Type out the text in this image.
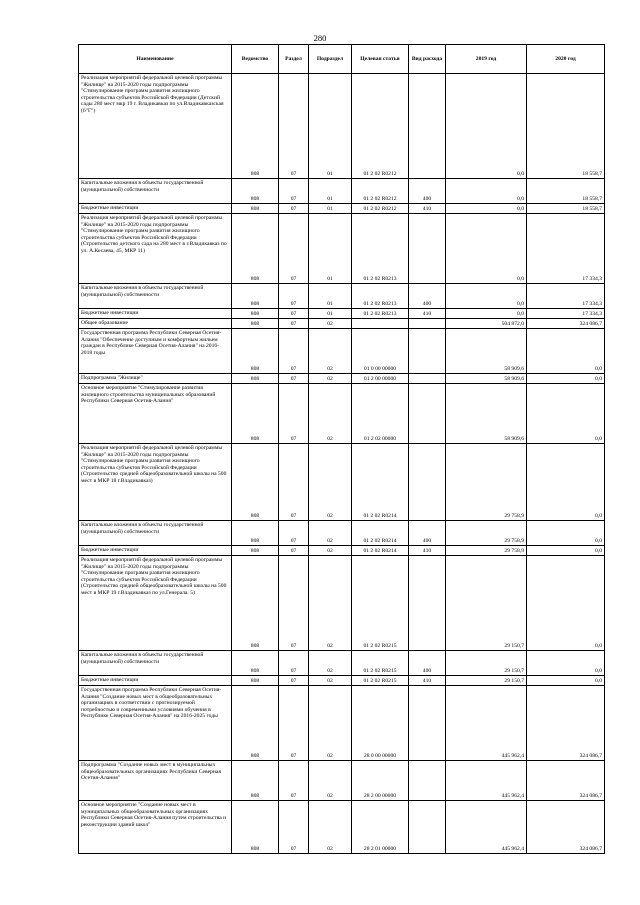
280
Наименование	Ведомство	Раздел	Подраздел	Целевая статья	Вид расхода	2019 год	2020 год
Реализация мероприятий федеральной целевой программы "Жилище" на 2015-2020 годы подпрограммы "Стимулирование программ развития жилищного строительства субъектов Российской Федерации (Детский сады 280 мест мкр 19 г. Владикавказ по ул.Владикавказская (6"Г")	808	07	01	01 2 02 R0212		0,0	18 558,7
Капитальные вложения в объекты государственной (муниципальной) собственности	808	07	01	01 2 02 R0212	400	0,0	18 558,7
Бюджетные инвестиции	808	07	01	01 2 02 R0212	410	0,0	18 558,7
Реализация мероприятий федеральной целевой программы "Жилище" на 2015-2020 годы подпрограммы "Стимулирование программ развития жилищного строительства субъектов Российской Федерации (Строительство детского сада на 280 мест в г.Владикавказ по ул. А.Кесаева, 45, МКР 11)	808	07	01	01 2 02 R0213		0,0	17 334,3
Капитальные вложения в объекты государственной (муниципальной) собственности	808	07	01	01 2 02 R0213	400	0,0	17 334,3
Бюджетные инвестиции	808	07	01	01 2 02 R0213	410	0,0	17 334,3
Общее образование	808	07	02			504 872,0	324 086,7
Государственная программа Республики Северная Осетия-Алания "Обеспечение доступным и комфортным жильем граждан в Республике Северная Осетия-Алания" на 2016-2018 годы	808	07	02	01 0 00 00000		58 909,6	0,0
Подпрограмма "Жилище"	808	07	02	01 2 00 00000		58 909,6	0,0
Основное мероприятие "Стимулирование развития жилищного строительства муниципальных образований Республики Северная Осетия-Алания"	808	07	02	01 2 02 00000		58 909,6	0,0
Реализация мероприятий федеральной целевой программы "Жилище" на 2015-2020 годы подпрограммы "Стимулирование программ развития жилищного строительства субъектов Российской Федерации (Строительство средней общеобразовательной школы на 500 мест в МКР 18 г.Владикавказ)	808	07	02	01 2 02 R0214		29 758,9	0,0
Капитальные вложения в объекты государственной (муниципальной) собственности	808	07	02	01 2 02 R0214	400	29 758,9	0,0
Бюджетные инвестиции	808	07	02	01 2 02 R0214	410	29 758,9	0,0
Реализация мероприятий федеральной целевой программы "Жилище" на 2015-2020 годы подпрограммы "Стимулирование программ развития жилищного строительства субъектов Российской Федерации (Строительство средней общеобразовательной школы на 500 мест в МКР 19 г.Владикавказ по ул.Генерала. 5)	808	07	02	01 2 02 R0215		29 150,7	0,0
Капитальные вложения в объекты государственной (муниципальной) собственности	808	07	02	01 2 02 R0215	400	29 150,7	0,0
Бюджетные инвестиции	808	07	02	01 2 02 R0215	410	29 150,7	0,0
Государственная программа Республики Северная Осетия-Алания "Создание новых мест в общеобразовательных организациях в соответствии с прогнозируемой потребностью и современными условиями обучения в Республике Северная Осетия-Алания" на 2016-2025 годы	808	07	02	28 0 00 00000		445 962,4	324 086,7
Подпрограмма "Создание новых мест в муниципальных общеобразовательных организациях Республики Северная Осетия-Алания"	808	07	02	28 2 00 00000		445 962,4	324 086,7
Основное мероприятие "Создание новых мест в муниципальных общеобразовательных организациях Республики Северная Осетия-Алания путем строительства и реконструкции зданий школ"	808	07	02	28 2 01 00000		445 962,4	324 086,7
